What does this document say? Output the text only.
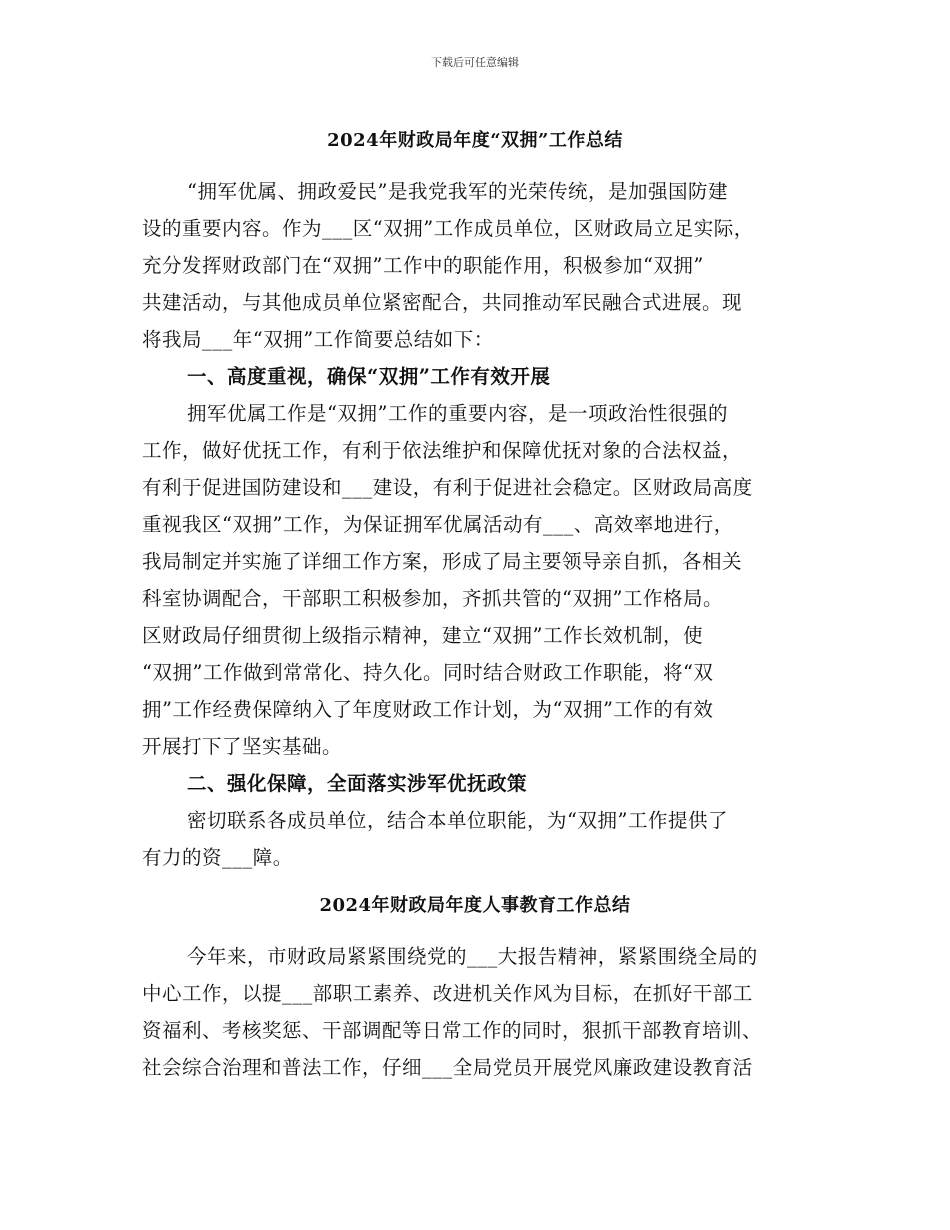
下载后可任意编辑
2024年财政局年度“双拥”工作总结
“拥军优属、拥政爱民”是我党我军的光荣传统，是加强国防建
设的重要内容。作为___区“双拥”工作成员单位，区财政局立足实际，
充分发挥财政部门在“双拥”工作中的职能作用，积极参加“双拥”
共建活动，与其他成员单位紧密配合，共同推动军民融合式进展。现
将我局___年“双拥”工作简要总结如下：
一、高度重视，确保“双拥”工作有效开展
拥军优属工作是“双拥”工作的重要内容，是一项政治性很强的
工作，做好优抚工作，有利于依法维护和保障优抚对象的合法权益，
有利于促进国防建设和___建设，有利于促进社会稳定。区财政局高度
重视我区“双拥”工作，为保证拥军优属活动有___、高效率地进行，
我局制定并实施了详细工作方案，形成了局主要领导亲自抓，各相关
科室协调配合，干部职工积极参加，齐抓共管的“双拥”工作格局。
区财政局仔细贯彻上级指示精神，建立“双拥”工作长效机制，使
“双拥”工作做到常常化、持久化。同时结合财政工作职能，将“双
拥”工作经费保障纳入了年度财政工作计划，为“双拥”工作的有效
开展打下了坚实基础。
二、强化保障，全面落实涉军优抚政策
密切联系各成员单位，结合本单位职能，为“双拥”工作提供了
有力的资___障。
2024年财政局年度人事教育工作总结
今年来，市财政局紧紧围绕党的___大报告精神，紧紧围绕全局的
中心工作，以提___部职工素养、改进机关作风为目标，在抓好干部工
资福利、考核奖惩、干部调配等日常工作的同时，狠抓干部教育培训、
社会综合治理和普法工作，仔细___全局党员开展党风廉政建设教育活
